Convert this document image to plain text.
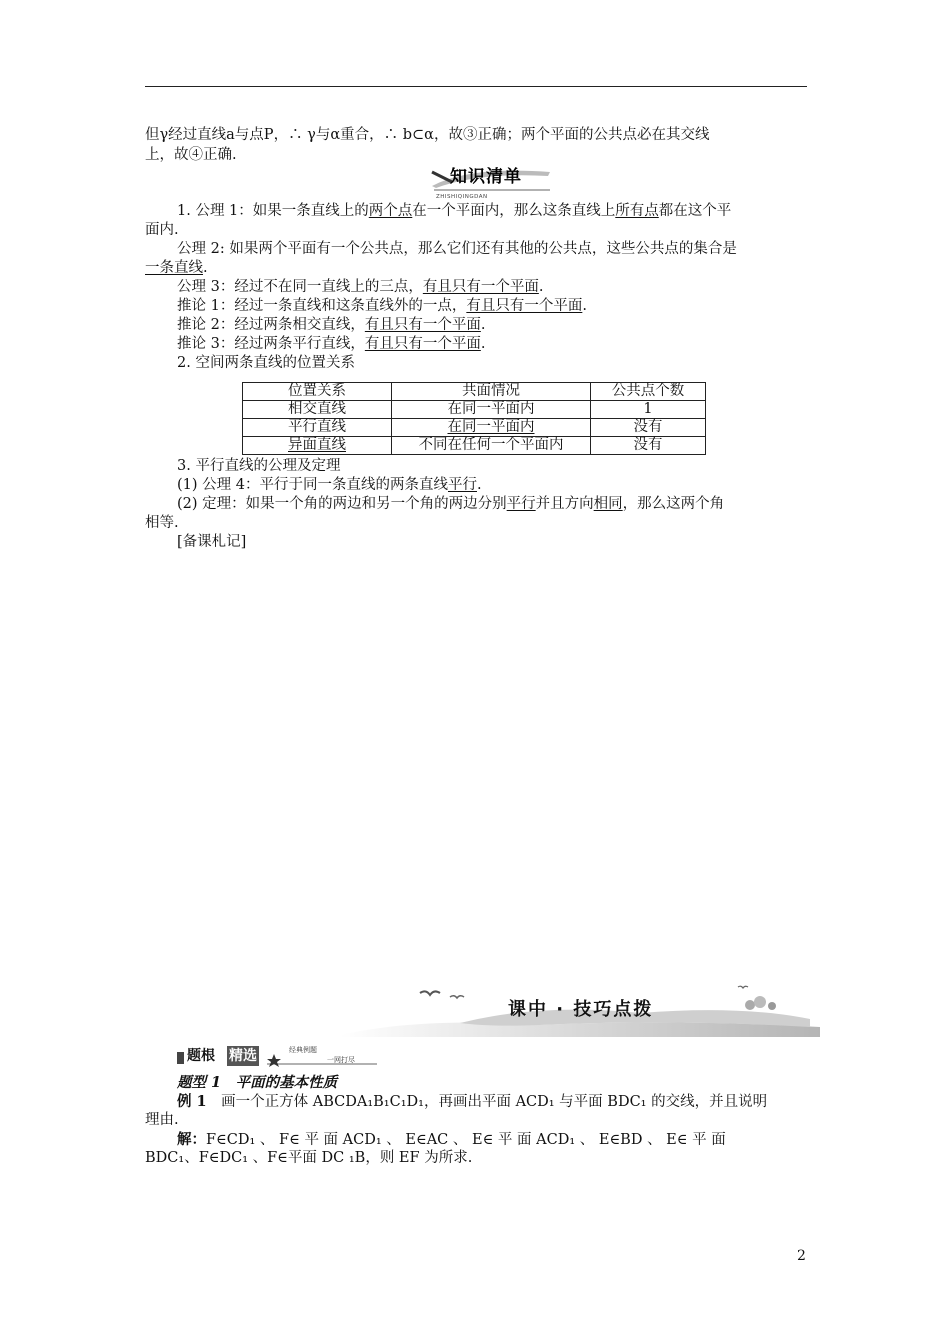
但γ经过直线a与点P，∴ γ与α重合，∴ b⊂α，故③正确；两个平面的公共点必在其交线
上，故④正确.
知识清单
ZHISHIQINGDAN
1. 公理 1：如果一条直线上的两个点在一个平面内，那么这条直线上所有点都在这个平
面内.
公理 2: 如果两个平面有一个公共点，那么它们还有其他的公共点，这些公共点的集合是
一条直线.
公理 3：经过不在同一直线上的三点，有且只有一个平面.
推论 1：经过一条直线和这条直线外的一点，有且只有一个平面.
推论 2：经过两条相交直线，有且只有一个平面.
推论 3：经过两条平行直线，有且只有一个平面.
2. 空间两条直线的位置关系
位置关系	共面情况	公共点个数
相交直线	在同一平面内	1
平行直线	在同一平面内	没有
异面直线	不同在任何一个平面内	没有
3. 平行直线的公理及定理
(1) 公理 4：平行于同一条直线的两条直线平行.
(2) 定理：如果一个角的两边和另一个角的两边分别平行并且方向相同，那么这两个角
相等.
[备课札记]
课中 · 技巧点拨
题根 精选	经典例题
一网打尽
题型 1　平面的基本性质
例 1　 画一个正方体 ABCDA₁B₁C₁D₁，再画出平面 ACD₁ 与平面 BDC₁ 的交线，并且说明
理由.
解：F∈CD₁ 、 F∈ 平 面 ACD₁ 、 E∈AC 、 E∈ 平 面 ACD₁ 、 E∈BD 、 E∈ 平 面
BDC₁、F∈DC₁ 、F∈平面 DC ₁B，则 EF 为所求.
2
